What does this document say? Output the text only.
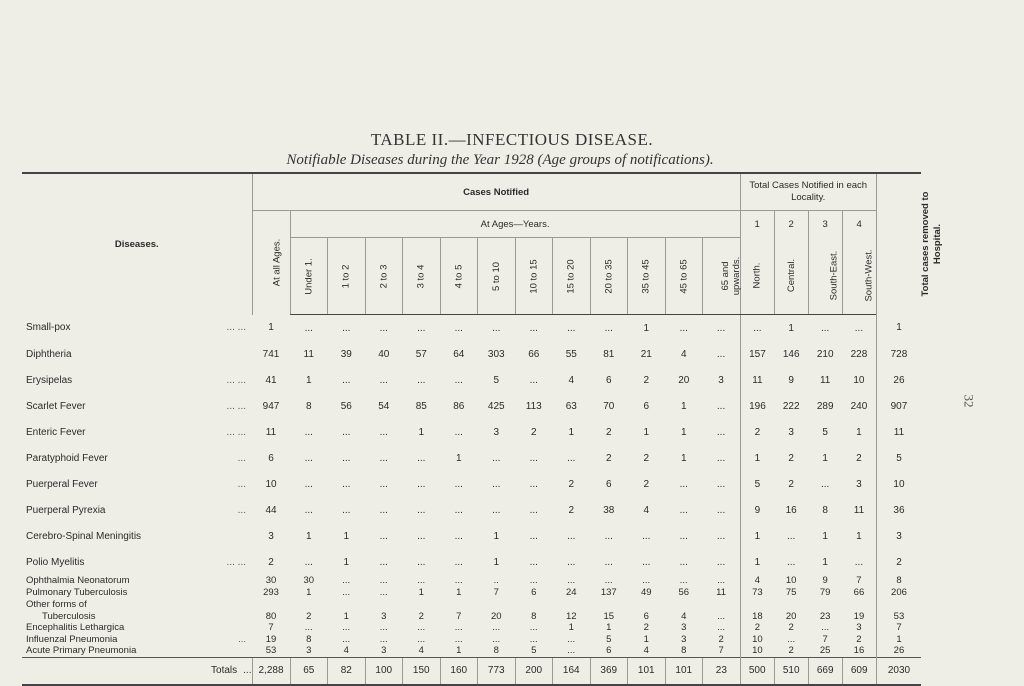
TABLE II.—INFECTIOUS DISEASE.
Notifiable Diseases during the Year 1928 (Age groups of notifications).
32
Diseases.	Cases Notified													Total Cases Notified in each Locality.				Total cases removed to Hospital.
	At all Ages.	At Ages—Years.												1	2	3	4	
		Under 1.	1 to 2	2 to 3	3 to 4	4 to 5	5 to 10	10 to 15	15 to 20	20 to 35	35 to 45	45 to 65	65 and upwards.	North.	Central.	South-East.	South-West.	
Small-pox ... ...	1	...	...	...	...	...	...	...	...	...	1	...	...	...	1	...	...	1
Diphtheria	741	11	39	40	57	64	303	66	55	81	21	4	...	157	146	210	228	728
Erysipelas ... ...	41	1	...	...	...	...	5	...	4	6	2	20	3	11	9	11	10	26
Scarlet Fever ... ...	947	8	56	54	85	86	425	113	63	70	6	1	...	196	222	289	240	907
Enteric Fever ... ...	11	...	...	...	1	...	3	2	1	2	1	1	...	2	3	5	1	11
Paratyphoid Fever ...	6	...	...	...	...	1	...	...	...	2	2	1	...	1	2	1	2	5
Puerperal Fever ...	10	...	...	...	...	...	...	...	2	6	2	...	...	5	2	...	3	10
Puerperal Pyrexia ...	44	...	...	...	...	...	...	...	2	38	4	...	...	9	16	8	11	36
Cerebro-Spinal Meningitis	3	1	1	...	...	...	1	...	...	...	...	...	...	1	...	1	1	3
Polio Myelitis ... ...	2	...	1	...	...	...	1	...	...	...	...	...	...	1	...	1	...	2
Ophthalmia Neonatorum	30	30	...	...	...	...	..	...	...	...	...	...	...	4	10	9	7	8
Pulmonary Tuberculosis	293	1	...	...	1	1	7	6	24	137	49	56	11	73	75	79	66	206
Other forms of

Tuberculosis	80	2	1	3	2	7	20	8	12	15	6	4	...	18	20	23	19	53
Encephalitis Lethargica	7	...	...	...	...	...	...	...	1	1	2	3	...	2	2	...	3	7
Influenzal Pneumonia ...	19	8	...	...	...	...	...	...	...	5	1	3	2	10	...	7	2	1
Acute Primary Pneumonia	53	3	4	3	4	1	8	5	...	6	4	8	7	10	2	25	16	26
Totals ...	2,288	65	82	100	150	160	773	200	164	369	101	101	23	500	510	669	609	2030
